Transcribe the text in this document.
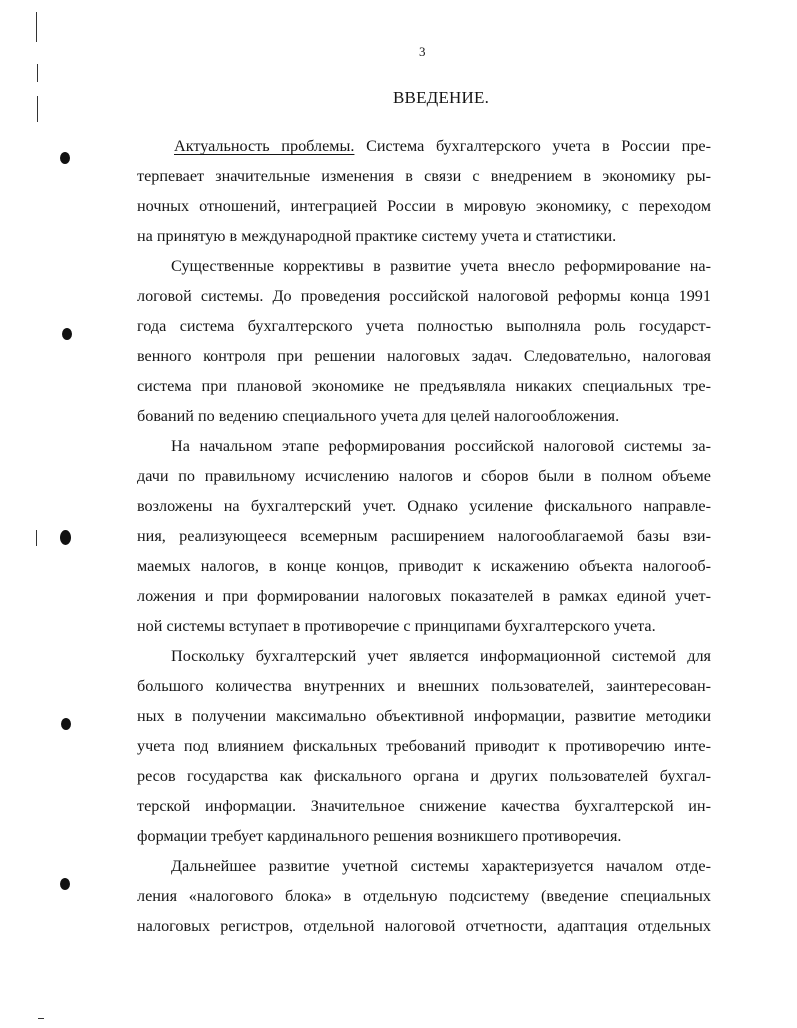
3
ВВЕДЕНИЕ.
Актуальность проблемы. Система бухгалтерского учета в России пре-
терпевает значительные изменения в связи с внедрением в экономику ры-
ночных отношений, интеграцией России в мировую экономику, с переходом
на принятую в международной практике систему учета и статистики.
Существенные коррективы в развитие учета внесло реформирование на-
логовой системы. До проведения российской налоговой реформы конца 1991
года система бухгалтерского учета полностью выполняла роль государст-
венного контроля при решении налоговых задач. Следовательно, налоговая
система при плановой экономике не предъявляла никаких специальных тре-
бований по ведению специального учета для целей налогообложения.
На начальном этапе реформирования российской налоговой системы за-
дачи по правильному исчислению налогов и сборов были в полном объеме
возложены на бухгалтерский учет. Однако усиление фискального направле-
ния, реализующееся всемерным расширением налогооблагаемой базы взи-
маемых налогов, в конце концов, приводит к искажению объекта налогооб-
ложения и при формировании налоговых показателей в рамках единой учет-
ной системы вступает в противоречие с принципами бухгалтерского учета.
Поскольку бухгалтерский учет является информационной системой для
большого количества внутренних и внешних пользователей, заинтересован-
ных в получении максимально объективной информации, развитие методики
учета под влиянием фискальных требований приводит к противоречию инте-
ресов государства как фискального органа и других пользователей бухгал-
терской информации. Значительное снижение качества бухгалтерской ин-
формации требует кардинального решения возникшего противоречия.
Дальнейшее развитие учетной системы характеризуется началом отде-
ления «налогового блока» в отдельную подсистему (введение специальных
налоговых регистров, отдельной налоговой отчетности, адаптация отдельных
